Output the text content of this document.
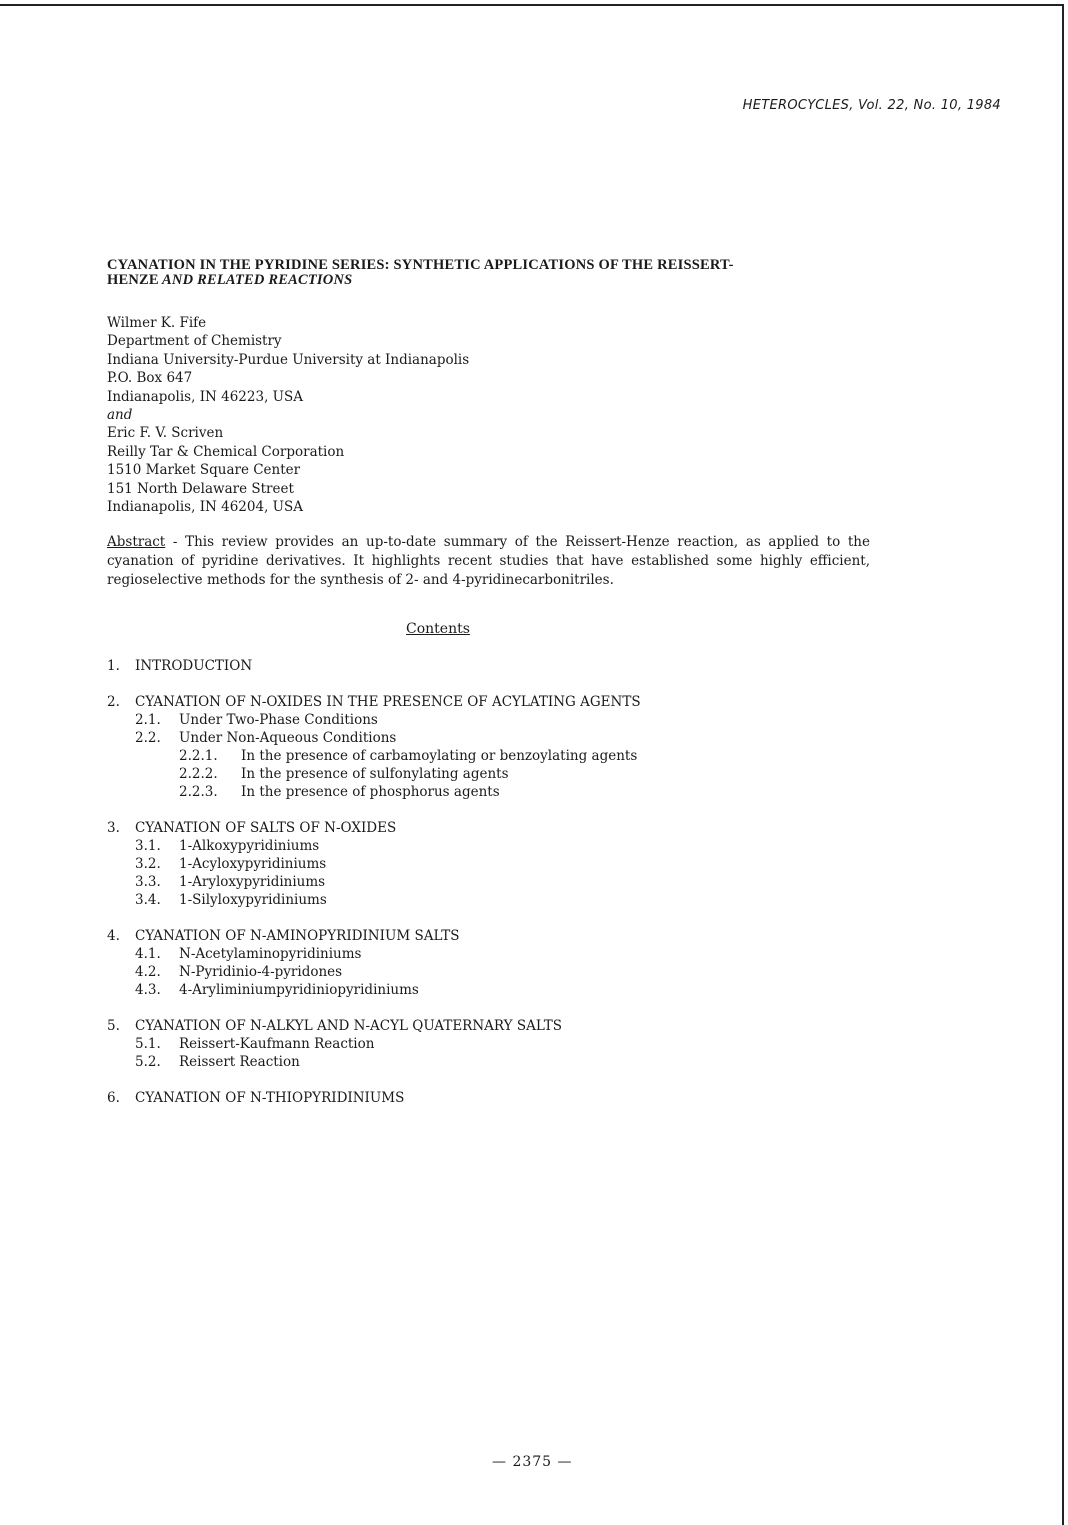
HETEROCYCLES, Vol. 22, No. 10, 1984
CYANATION IN THE PYRIDINE SERIES: SYNTHETIC APPLICATIONS OF THE REISSERT-
HENZE AND RELATED REACTIONS
Wilmer K. Fife
Department of Chemistry
Indiana University-Purdue University at Indianapolis
P.O. Box 647
Indianapolis, IN 46223, USA
and
Eric F. V. Scriven
Reilly Tar & Chemical Corporation
1510 Market Square Center
151 North Delaware Street
Indianapolis, IN 46204, USA
Abstract - This review provides an up-to-date summary of the Reissert-Henze reaction, as applied to the cyanation of pyridine derivatives. It highlights recent studies that have established some highly efficient, regioselective methods for the synthesis of 2- and 4-pyridinecarbonitriles.
Contents
1.	INTRODUCTION
2.	CYANATION OF N-OXIDES IN THE PRESENCE OF ACYLATING AGENTS
2.1.	Under Two-Phase Conditions
2.2.	Under Non-Aqueous Conditions
2.2.1.	In the presence of carbamoylating or benzoylating agents
2.2.2.	In the presence of sulfonylating agents
2.2.3.	In the presence of phosphorus agents
3.	CYANATION OF SALTS OF N-OXIDES
3.1.	1-Alkoxypyridiniums
3.2.	1-Acyloxypyridiniums
3.3.	1-Aryloxypyridiniums
3.4.	1-Silyloxypyridiniums
4.	CYANATION OF N-AMINOPYRIDINIUM SALTS
4.1.	N-Acetylaminopyridiniums
4.2.	N-Pyridinio-4-pyridones
4.3.	4-Aryliminiumpyridiniopyridiniums
5.	CYANATION OF N-ALKYL AND N-ACYL QUATERNARY SALTS
5.1.	Reissert-Kaufmann Reaction
5.2.	Reissert Reaction
6.	CYANATION OF N-THIOPYRIDINIUMS
— 2375 —
